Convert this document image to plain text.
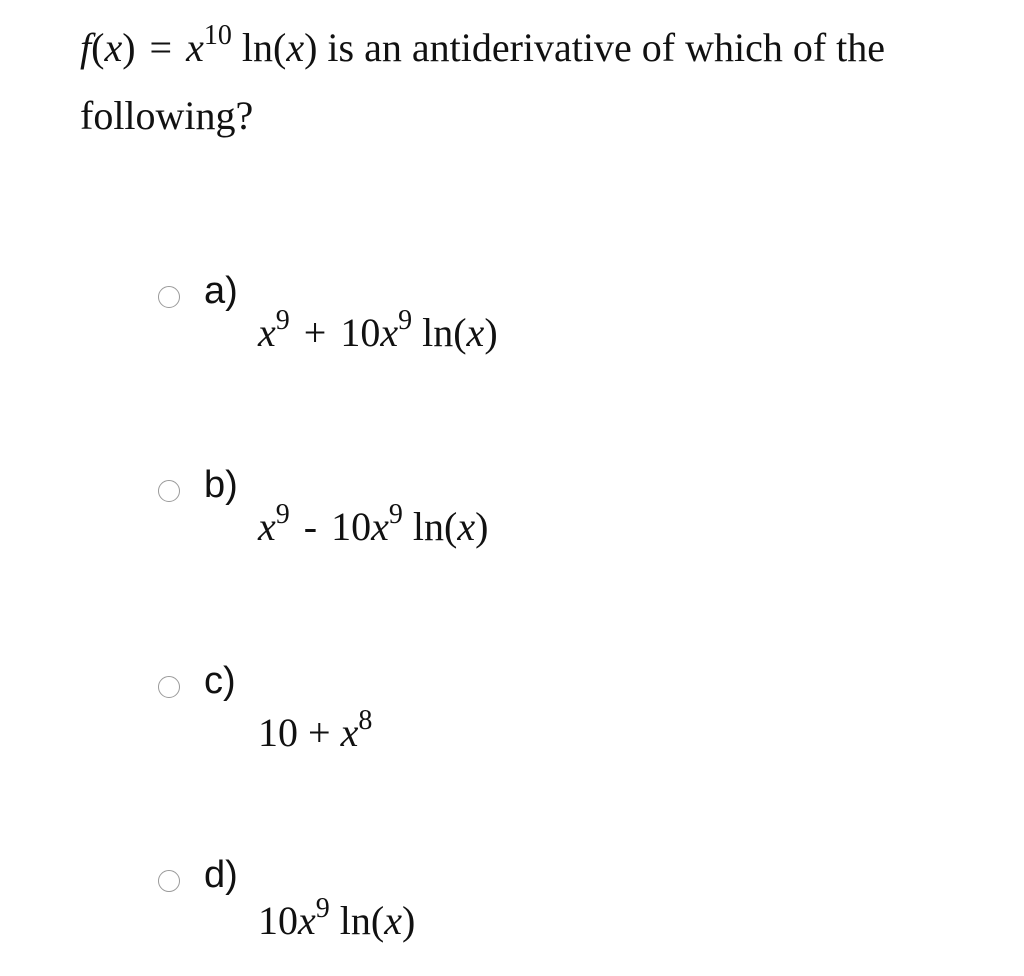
$f(x) = x^{10}$ ln(x) is an antiderivative of which of the following?
a)
$x^9 + 10x^9$ ln(x)
b)
$x^9 - 10x^9$ ln(x)
c)
$10 + x^8$
d)
$10x^9$ ln(x)
